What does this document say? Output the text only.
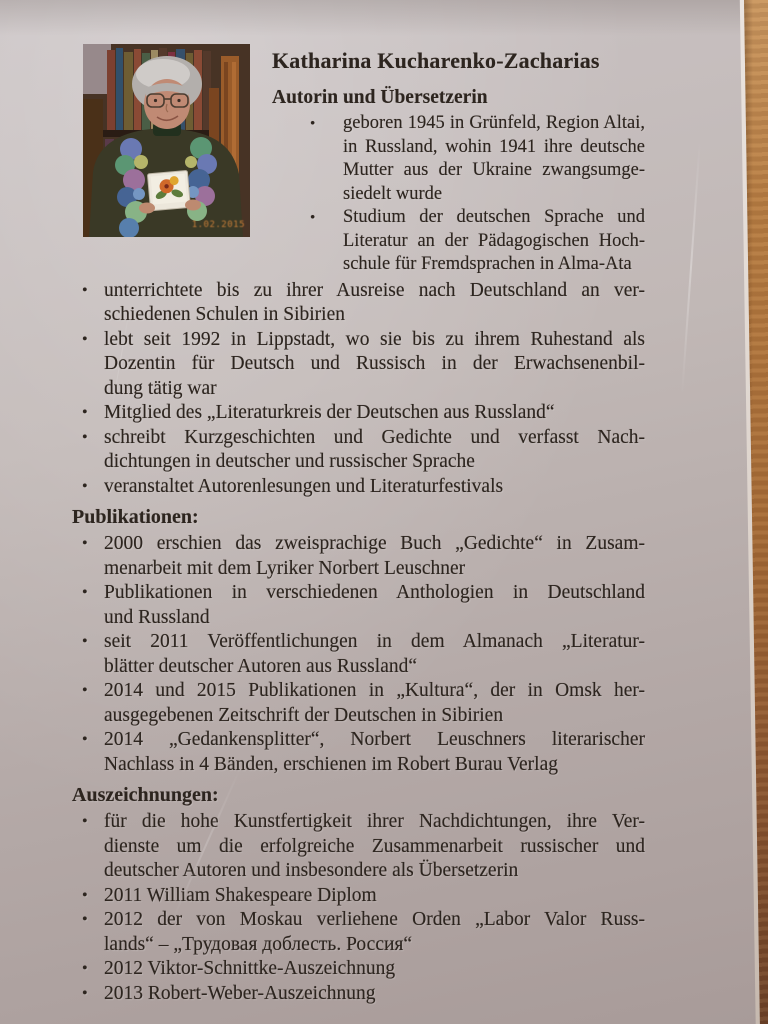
1.02.2015
Katharina Kucharenko-Zacharias
Autorin und Übersetzerin
• geboren 1945 in Grünfeld, Region Altai,
in Russland, wohin 1941 ihre deutsche
Mutter aus der Ukraine zwangsumge-
siedelt wurde
• Studium der deutschen Sprache und
Literatur an der Pädagogischen Hoch-
schule für Fremdsprachen in Alma-Ata
• unterrichtete bis zu ihrer Ausreise nach Deutschland an ver-
schiedenen Schulen in Sibirien
• lebt seit 1992 in Lippstadt, wo sie bis zu ihrem Ruhestand als
Dozentin für Deutsch und Russisch in der Erwachsenenbil-
dung tätig war
• Mitglied des „Literaturkreis der Deutschen aus Russland“
• schreibt Kurzgeschichten und Gedichte und verfasst Nach-
dichtungen in deutscher und russischer Sprache
• veranstaltet Autorenlesungen und Literaturfestivals
Publikationen:
• 2000 erschien das zweisprachige Buch „Gedichte“ in Zusam-
menarbeit mit dem Lyriker Norbert Leuschner
• Publikationen in verschiedenen Anthologien in Deutschland
und Russland
• seit 2011 Veröffentlichungen in dem Almanach „Literatur-
blätter deutscher Autoren aus Russland“
• 2014 und 2015 Publikationen in „Kultura“, der in Omsk her-
ausgegebenen Zeitschrift der Deutschen in Sibirien
• 2014 „Gedankensplitter“, Norbert Leuschners literarischer
Nachlass in 4 Bänden, erschienen im Robert Burau Verlag
Auszeichnungen:
• für die hohe Kunstfertigkeit ihrer Nachdichtungen, ihre Ver-
dienste um die erfolgreiche Zusammenarbeit russischer und
deutscher Autoren und insbesondere als Übersetzerin
• 2011 William Shakespeare Diplom
• 2012 der von Moskau verliehene Orden „Labor Valor Russ-
lands“ – „Трудовая доблесть. Россия“
• 2012 Viktor-Schnittke-Auszeichnung
• 2013 Robert-Weber-Auszeichnung
